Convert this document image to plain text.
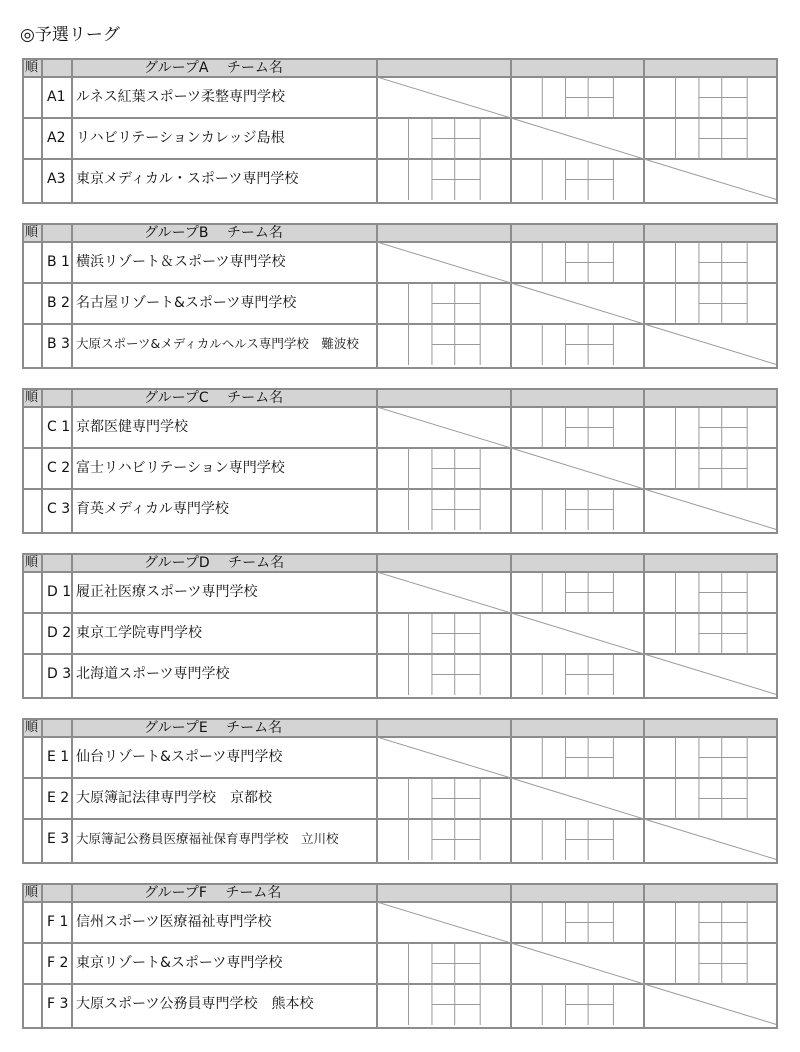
◎予選リーグ
順	グループA　 チーム名
A1 ルネス紅葉スポーツ柔整専門学校
A2 リハビリテーションカレッジ島根
A3 東京メディカル・スポーツ専門学校
順	グループB　 チーム名
B 1 横浜リゾート＆スポーツ専門学校
B 2 名古屋リゾート&スポーツ専門学校
B 3 大原スポーツ&メディカルヘルス専門学校　難波校
順	グループC　 チーム名
C 1 京都医健専門学校
C 2 富士リハビリテーション専門学校
C 3 育英メディカル専門学校
順	グループD　 チーム名
D 1 履正社医療スポーツ専門学校
D 2 東京工学院専門学校
D 3 北海道スポーツ専門学校
順	グループE　 チーム名
E 1 仙台リゾート&スポーツ専門学校
E 2 大原簿記法律専門学校　京都校
E 3 大原簿記公務員医療福祉保育専門学校　立川校
順	グループF　 チーム名
F 1 信州スポーツ医療福祉専門学校
F 2 東京リゾート&スポーツ専門学校
F 3 大原スポーツ公務員専門学校　熊本校
